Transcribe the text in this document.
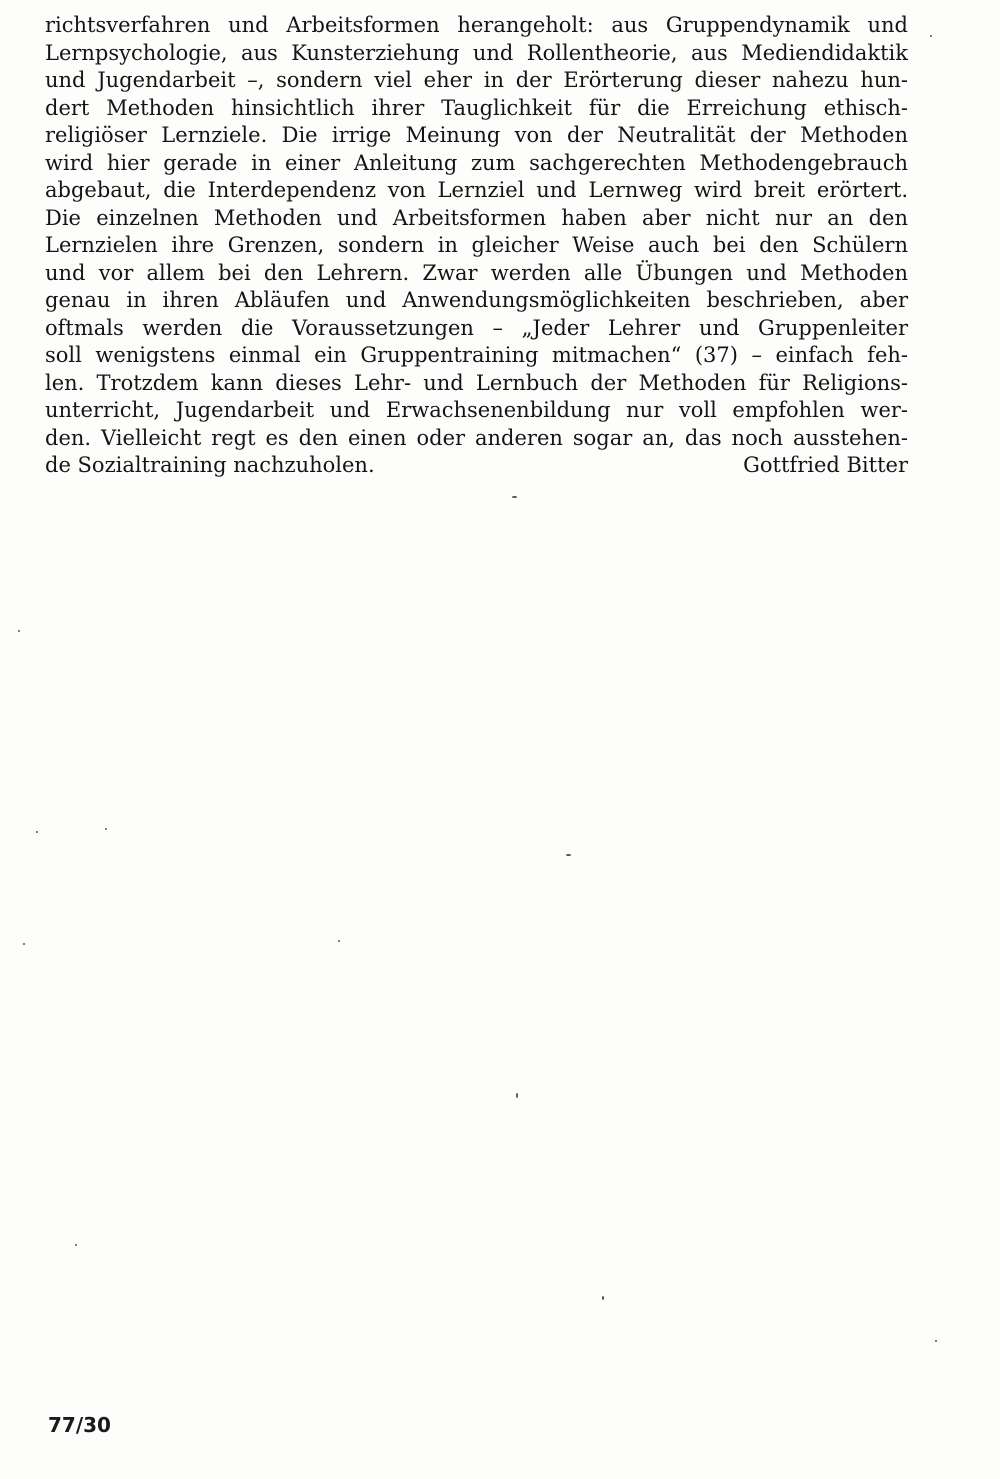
richtsverfahren und Arbeitsformen herangeholt: aus Gruppendynamik und
Lernpsychologie, aus Kunsterziehung und Rollentheorie, aus Mediendidaktik
und Jugendarbeit –, sondern viel eher in der Erörterung dieser nahezu hun-
dert Methoden hinsichtlich ihrer Tauglichkeit für die Erreichung ethisch-
religiöser Lernziele. Die irrige Meinung von der Neutralität der Methoden
wird hier gerade in einer Anleitung zum sachgerechten Methodengebrauch
abgebaut, die Interdependenz von Lernziel und Lernweg wird breit erörtert.
Die einzelnen Methoden und Arbeitsformen haben aber nicht nur an den
Lernzielen ihre Grenzen, sondern in gleicher Weise auch bei den Schülern
und vor allem bei den Lehrern. Zwar werden alle Übungen und Methoden
genau in ihren Abläufen und Anwendungsmöglichkeiten beschrieben, aber
oftmals werden die Voraussetzungen – „Jeder Lehrer und Gruppenleiter
soll wenigstens einmal ein Gruppentraining mitmachen“ (37) – einfach feh-
len. Trotzdem kann dieses Lehr- und Lernbuch der Methoden für Religions-
unterricht, Jugendarbeit und Erwachsenenbildung nur voll empfohlen wer-
den. Vielleicht regt es den einen oder anderen sogar an, das noch ausstehen-
de Sozialtraining nachzuholen.	Gottfried Bitter
77/30
